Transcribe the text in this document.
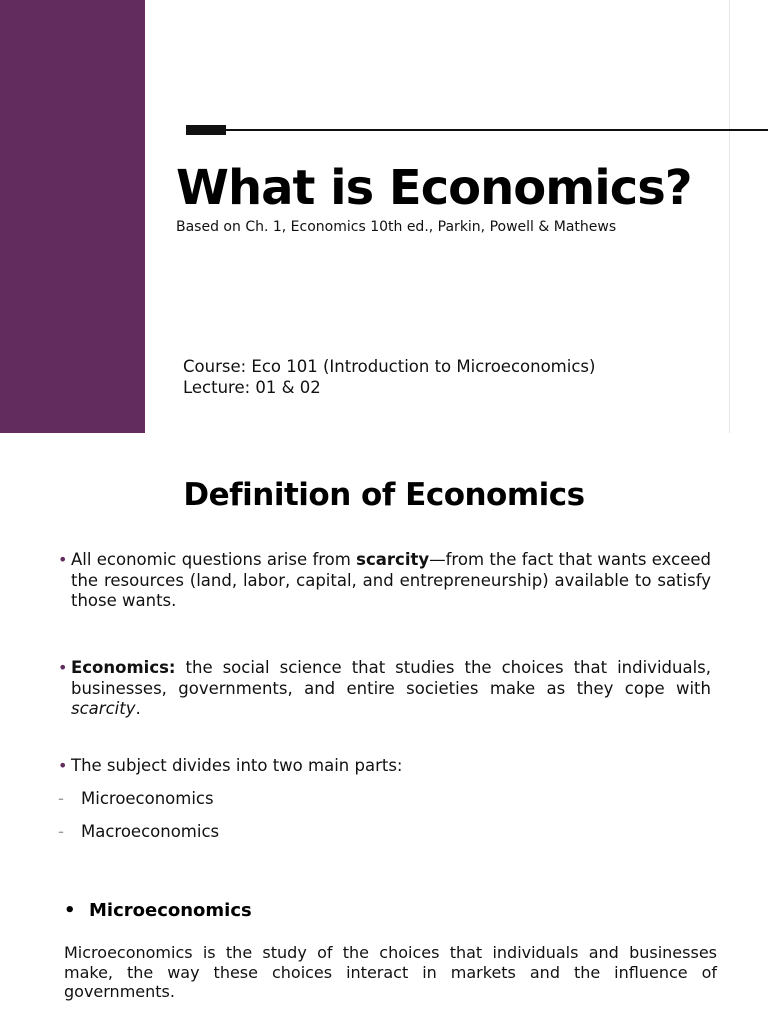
What is Economics?
Based on Ch. 1, Economics 10th ed., Parkin, Powell & Mathews
Course: Eco 101 (Introduction to Microeconomics)
Lecture: 01 & 02
Definition of Economics
• All economic questions arise from scarcity—from the fact that wants exceed the resources (land, labor, capital, and entrepreneurship) available to satisfy those wants.
• Economics: the social science that studies the choices that individuals, businesses, governments, and entire societies make as they cope with scarcity.
• The subject divides into two main parts:
- Microeconomics
- Macroeconomics
• Microeconomics

Microeconomics is the study of the choices that individuals and businesses make, the way these choices interact in markets and the influence of governments.
